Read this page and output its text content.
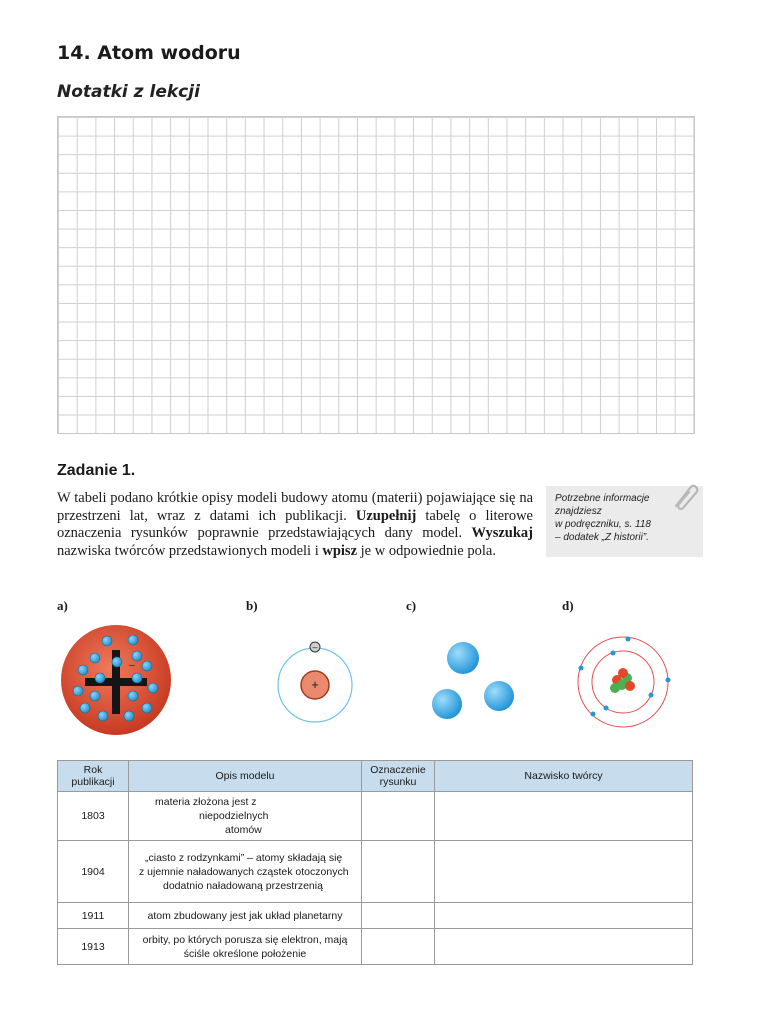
14. Atom wodoru
Notatki z lekcji
Zadanie 1.

W tabeli podano krótkie opisy modeli budowy atomu (materii) pojawiające się na przestrzeni lat, wraz z datami ich publikacji. Uzupełnij tabelę o literowe oznaczenia rysunków poprawnie przedstawiających dany model. Wyszukaj nazwiska twórców przedstawionych modeli i wpisz je w odpowiednie pola.

Potrzebne informacje
znajdziesz
w podręczniku, s. 118
– dodatek „Z historii”.
a)	b)	c)	d)
–
+
–
Rok publikacji	Opis modelu	Oznaczenie rysunku	Nazwisko twórcy
1803	materia złożona jest z
niepodzielnych
atomów		

1904	„ciasto z rodzynkami” – atomy składają się
z ujemnie naładowanych cząstek otoczonych
dodatnio naładowaną przestrzenią		

1911	atom zbudowany jest jak układ planetarny		
1913	orbity, po których porusza się elektron, mają
ściśle określone położenie		
